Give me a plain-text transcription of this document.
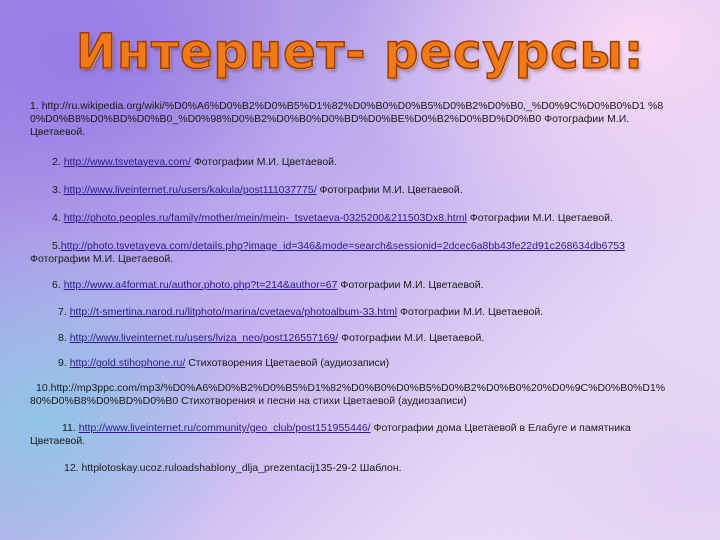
Интернет- ресурсы:
1. http://ru.wikipedia.org/wiki/%D0%A6%D0%B2%D0%B5%D1%82%D0%B0%D0%B5%D0%B2%D0%B0,_%D0%9C%D0%B0%D1 %80%D0%B8%D0%BD%D0%B0_%D0%98%D0%B2%D0%B0%D0%BD%D0%BE%D0%B2%D0%BD%D0%B0 Фотографии М.И. Цветаевой.
2. http://www.tsvetayeva.com/ Фотографии М.И. Цветаевой.
3. http://www.liveinternet.ru/users/kakula/post111037775/ Фотографии М.И. Цветаевой.
4. http://photo.peoples.ru/family/mother/mein/mein-_tsvetaeva-0325200&211503Dx8.html Фотографии М.И. Цветаевой.
5.http://photo.tsvetayeva.com/details.php?image_id=346&mode=search&sessionid=2dcec6a8bb43fe22d91c268634db6753 Фотографии М.И. Цветаевой.
6. http://www.a4format.ru/author.photo.php?t=214&author=67 Фотографии М.И. Цветаевой.
7. http://t-smertina.narod.ru/litphoto/marina/cvetaeva/photoalbum-33.html Фотографии М.И. Цветаевой.
8. http://www.liveinternet.ru/users/lviza_neo/post126557169/ Фотографии М.И. Цветаевой.
9. http://gold.stihophone.ru/ Стихотворения Цветаевой (аудиозаписи)
10.http://mp3ppc.com/mp3/%D0%A6%D0%B2%D0%B5%D1%82%D0%B0%D0%B5%D0%B2%D0%B0%20%D0%9C%D0%B0%D1%80%D0%B8%D0%BD%D0%B0 Стихотворения и песни на стихи Цветаевой (аудиозаписи)
11. http://www.liveinternet.ru/community/geo_club/post151955446/ Фотографии дома Цветаевой в Елабуге и памятника Цветаевой.
12. httplotoskay.ucoz.ruloadshablony_dlja_prezentacij135-29-2 Шаблон.
